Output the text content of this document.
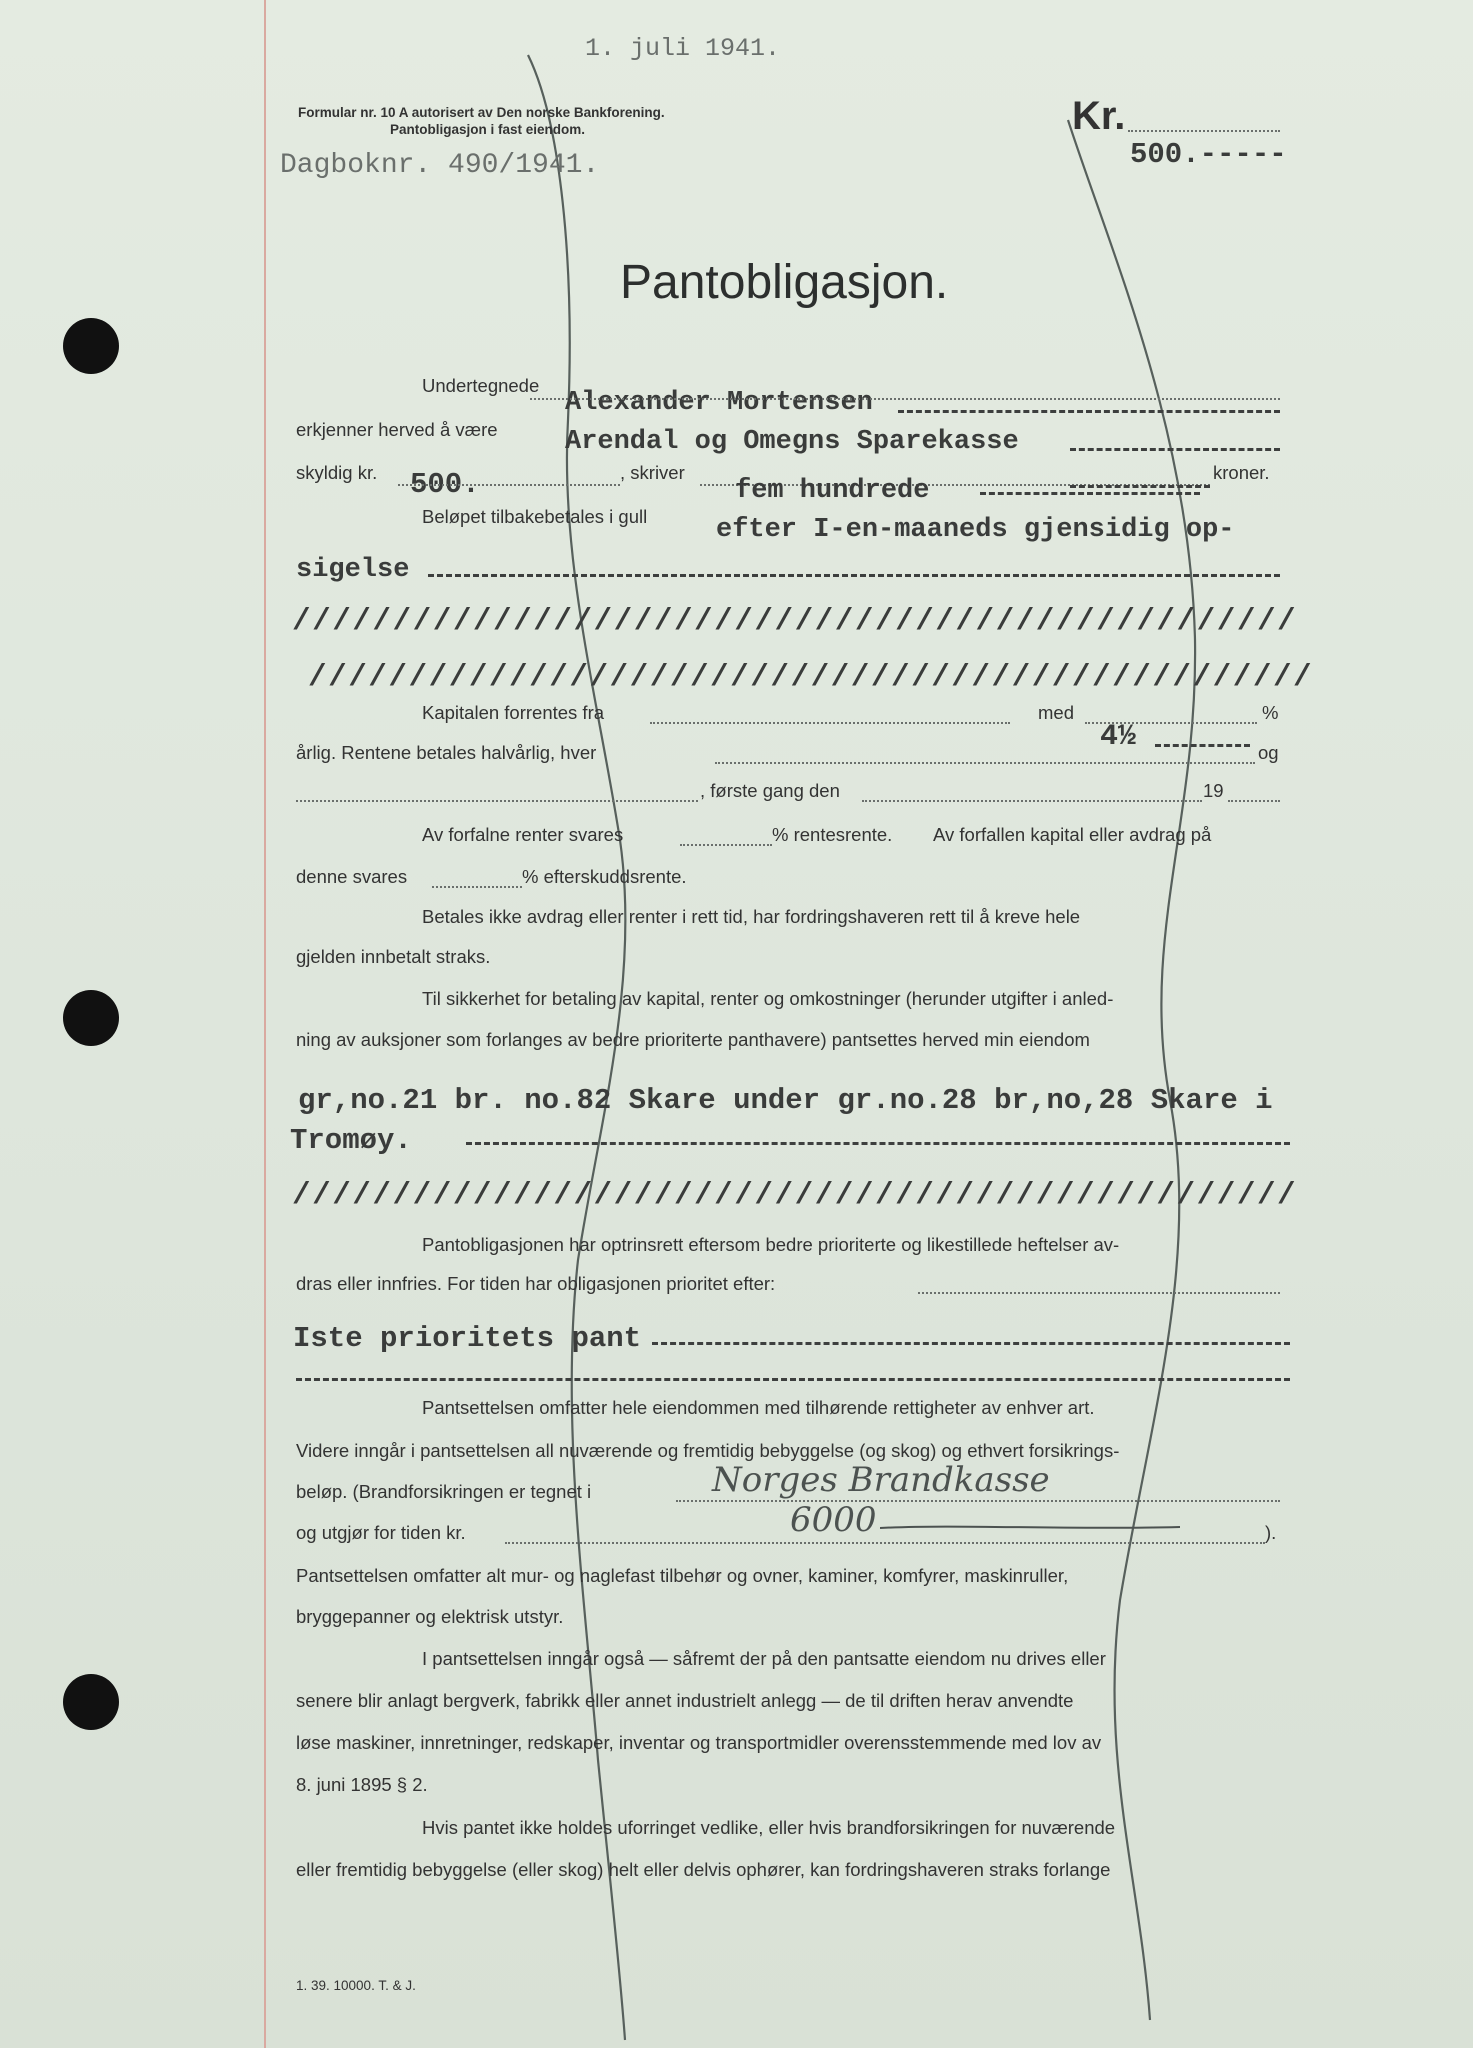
1. juli 1941.
Formular nr. 10 A autorisert av Den norske Bankforening.
Pantobligasjon i fast eiendom.	Kr.
500.-----
Dagboknr. 490/1941.
Pantobligasjon.
Undertegnede
Alexander Mortensen
erkjenner herved å være Arendal og Omegns Sparekasse
skyldig kr. 500.	, skriver	kroner.
Beløpet tilbakebetales i gull
fem hundrede
efter I-en-maaneds gjensidig op-
sigelse
//////////////////////////////////////////////////
//////////////////////////////////////////////////
Kapitalen forrentes fra	med	%
4½
årlig. Rentene betales halvårlig, hver	og
, første gang den	19
Av forfalne renter svares	% rentesrente. Av forfallen kapital eller avdrag på
denne svares	% efterskuddsrente.
Betales ikke avdrag eller renter i rett tid, har fordringshaveren rett til å kreve hele
gjelden innbetalt straks.
Til sikkerhet for betaling av kapital, renter og omkostninger (herunder utgifter i anled-
ning av auksjoner som forlanges av bedre prioriterte panthavere) pantsettes herved min eiendom
gr,no.21 br. no.82 Skare under gr.no.28 br,no,28 Skare i
Tromøy.
//////////////////////////////////////////////////
Pantobligasjonen har optrinsrett eftersom bedre prioriterte og likestillede heftelser av-
dras eller innfries. For tiden har obligasjonen prioritet efter:
Iste prioritets pant
Pantsettelsen omfatter hele eiendommen med tilhørende rettigheter av enhver art.
Videre inngår i pantsettelsen all nuværende og fremtidig bebyggelse (og skog) og ethvert forsikrings-
beløp. (Brandforsikringen er tegnet i	Norges Brandkasse
og utgjør for tiden kr.	6000	).
Pantsettelsen omfatter alt mur- og naglefast tilbehør og ovner, kaminer, komfyrer, maskinruller,
bryggepanner og elektrisk utstyr.
I pantsettelsen inngår også — såfremt der på den pantsatte eiendom nu drives eller
senere blir anlagt bergverk, fabrikk eller annet industrielt anlegg — de til driften herav anvendte
løse maskiner, innretninger, redskaper, inventar og transportmidler overensstemmende med lov av
8. juni 1895 § 2.
Hvis pantet ikke holdes uforringet vedlike, eller hvis brandforsikringen for nuværende
eller fremtidig bebyggelse (eller skog) helt eller delvis ophører, kan fordringshaveren straks forlange
1. 39. 10000. T. & J.
